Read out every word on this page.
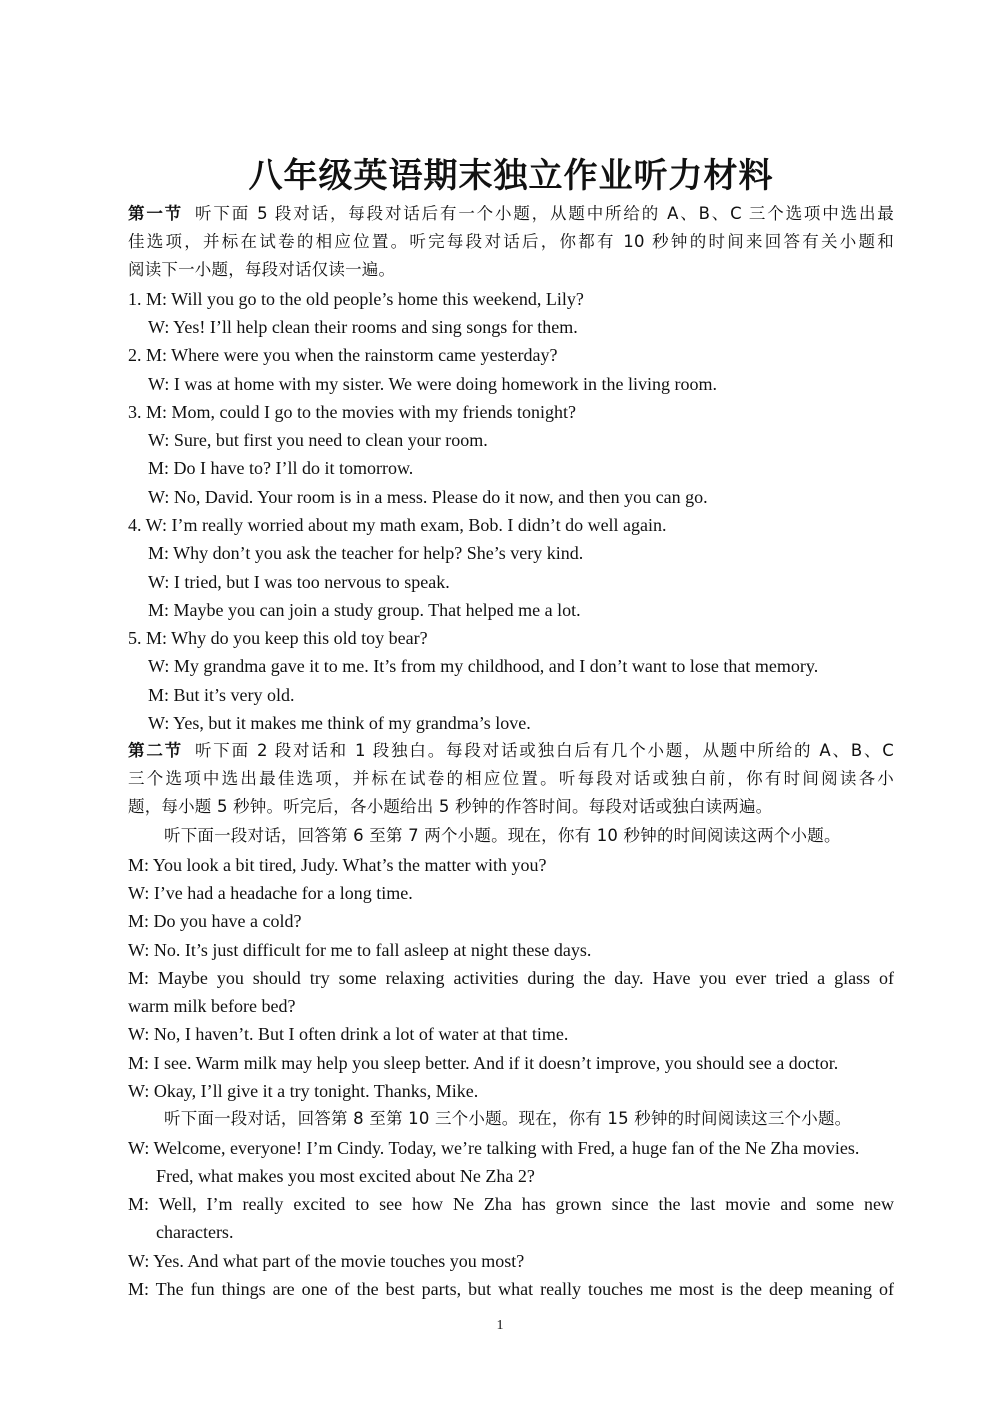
八年级英语期末独立作业听力材料
第一节 听下面 5 段对话，每段对话后有一个小题，从题中所给的 A、B、C 三个选项中选出最
佳选项，并标在试卷的相应位置。听完每段对话后，你都有 10 秒钟的时间来回答有关小题和
阅读下一小题，每段对话仅读一遍。
1. M: Will you go to the old people’s home this weekend, Lily?
W: Yes! I’ll help clean their rooms and sing songs for them.
2. M: Where were you when the rainstorm came yesterday?
W: I was at home with my sister. We were doing homework in the living room.
3. M: Mom, could I go to the movies with my friends tonight?
W: Sure, but first you need to clean your room.
M: Do I have to? I’ll do it tomorrow.
W: No, David. Your room is in a mess. Please do it now, and then you can go.
4. W: I’m really worried about my math exam, Bob. I didn’t do well again.
M: Why don’t you ask the teacher for help? She’s very kind.
W: I tried, but I was too nervous to speak.
M: Maybe you can join a study group. That helped me a lot.
5. M: Why do you keep this old toy bear?
W: My grandma gave it to me. It’s from my childhood, and I don’t want to lose that memory.
M: But it’s very old.
W: Yes, but it makes me think of my grandma’s love.
第二节 听下面 2 段对话和 1 段独白。每段对话或独白后有几个小题，从题中所给的 A、B、C
三个选项中选出最佳选项，并标在试卷的相应位置。听每段对话或独白前，你有时间阅读各小
题，每小题 5 秒钟。听完后，各小题给出 5 秒钟的作答时间。每段对话或独白读两遍。
听下面一段对话，回答第 6 至第 7 两个小题。现在，你有 10 秒钟的时间阅读这两个小题。
M: You look a bit tired, Judy. What’s the matter with you?
W: I’ve had a headache for a long time.
M: Do you have a cold?
W: No. It’s just difficult for me to fall asleep at night these days.
M: Maybe you should try some relaxing activities during the day. Have you ever tried a glass of
warm milk before bed?
W: No, I haven’t. But I often drink a lot of water at that time.
M: I see. Warm milk may help you sleep better. And if it doesn’t improve, you should see a doctor.
W: Okay, I’ll give it a try tonight. Thanks, Mike.
听下面一段对话，回答第 8 至第 10 三个小题。现在，你有 15 秒钟的时间阅读这三个小题。
W: Welcome, everyone! I’m Cindy. Today, we’re talking with Fred, a huge fan of the Ne Zha movies.
Fred, what makes you most excited about Ne Zha 2?
M: Well, I’m really excited to see how Ne Zha has grown since the last movie and some new
characters.
W: Yes. And what part of the movie touches you most?
M: The fun things are one of the best parts, but what really touches me most is the deep meaning of
1
